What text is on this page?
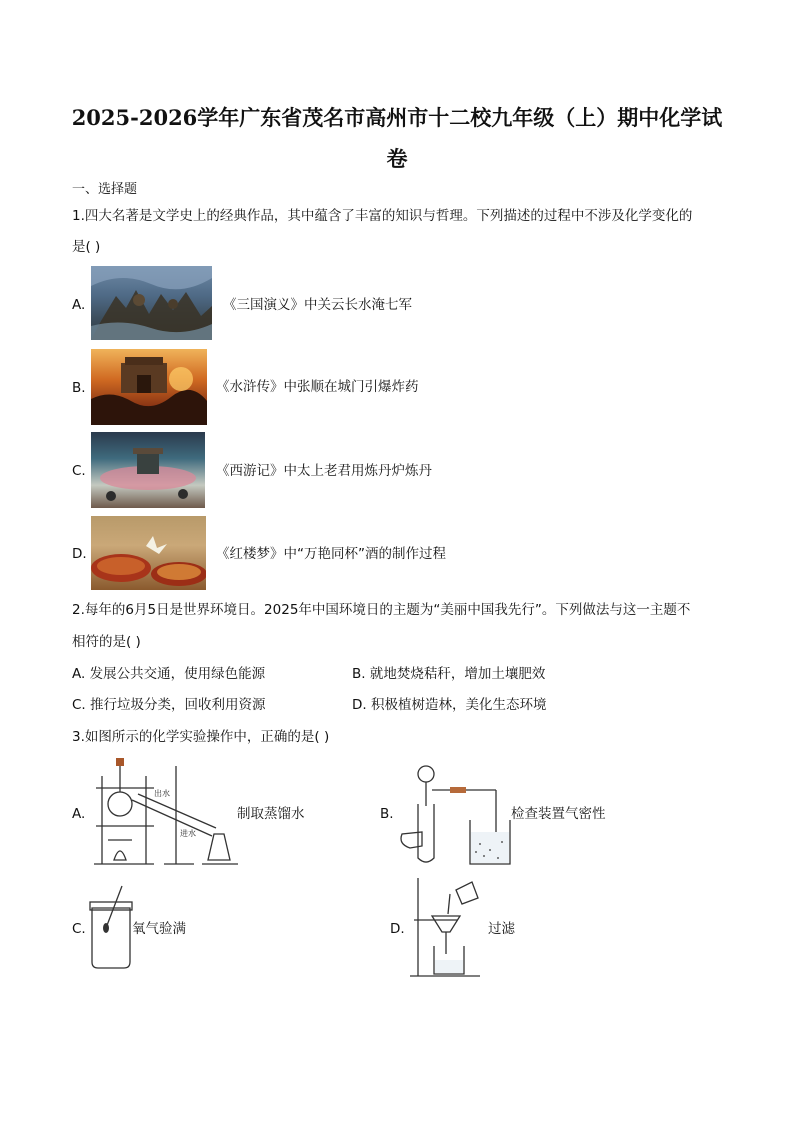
2025-2026学年广东省茂名市高州市十二校九年级（上）期中化学试
卷
一、选择题
1.四大名著是文学史上的经典作品，其中蕴含了丰富的知识与哲理。下列描述的过程中不涉及化学变化的
是( )
A.	《三国演义》中关云长水淹七军
B.	《水浒传》中张顺在城门引爆炸药
C.	《西游记》中太上老君用炼丹炉炼丹
D.	《红楼梦》中“万艳同杯”酒的制作过程
2.每年的6月5日是世界环境日。2025年中国环境日的主题为“美丽中国我先行”。下列做法与这一主题不
相符的是( )
A. 发展公共交通，使用绿色能源	B. 就地焚烧秸秆，增加土壤肥效
C. 推行垃圾分类，回收利用资源	D. 积极植树造林，美化生态环境
3.如图所示的化学实验操作中，正确的是( )
A.
出水
进水
制取蒸馏水	B.	检查装置气密性
C.	氧气验满	D.	过滤
